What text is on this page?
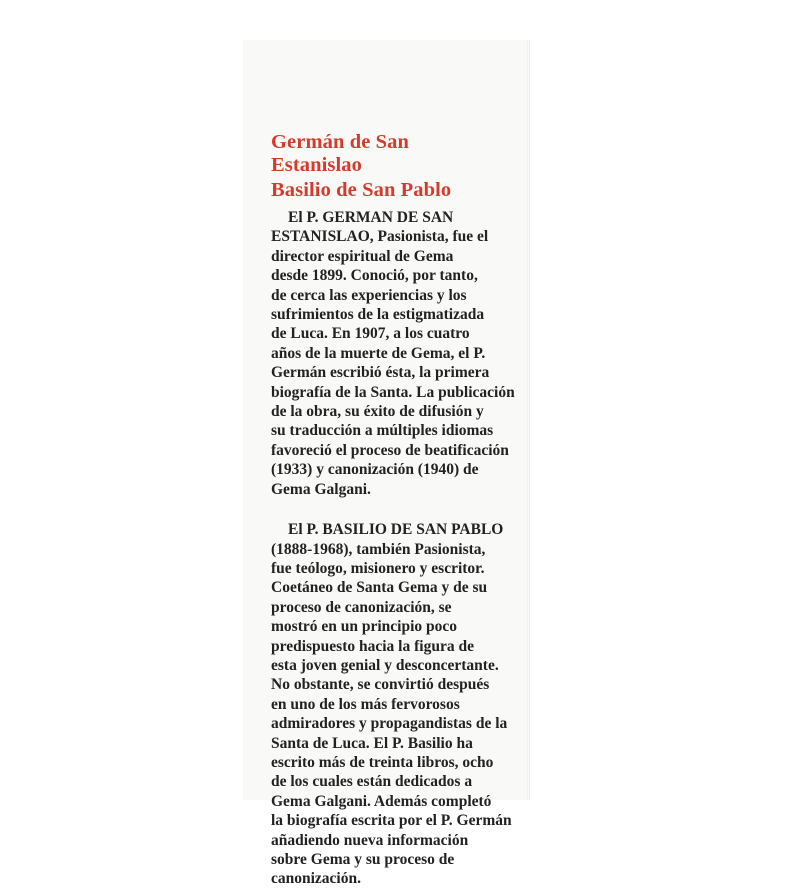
Germán de San
Estanislao
Basilio de San Pablo
El P. GERMAN DE SAN
ESTANISLAO, Pasionista, fue el
director espiritual de Gema
desde 1899. Conoció, por tanto,
de cerca las experiencias y los
sufrimientos de la estigmatizada
de Luca. En 1907, a los cuatro
años de la muerte de Gema, el P.
Germán escribió ésta, la primera
biografía de la Santa. La publicación
de la obra, su éxito de difusión y
su traducción a múltiples idiomas
favoreció el proceso de beatificación
(1933) y canonización (1940) de
Gema Galgani.
El P. BASILIO DE SAN PABLO
(1888-1968), también Pasionista,
fue teólogo, misionero y escritor.
Coetáneo de Santa Gema y de su
proceso de canonización, se
mostró en un principio poco
predispuesto hacia la figura de
esta joven genial y desconcertante.
No obstante, se convirtió después
en uno de los más fervorosos
admiradores y propagandistas de la
Santa de Luca. El P. Basilio ha
escrito más de treinta libros, ocho
de los cuales están dedicados a
Gema Galgani. Además completó
la biografía escrita por el P. Germán
añadiendo nueva información
sobre Gema y su proceso de
canonización.
